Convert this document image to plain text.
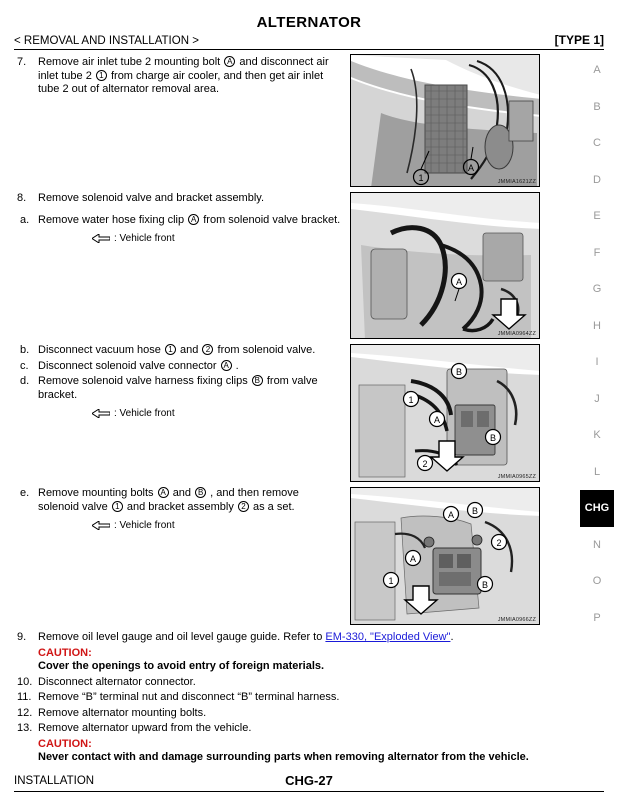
ALTERNATOR
< REMOVAL AND INSTALLATION >	[TYPE 1]
A
B
C
D
E
F
G
H
I
J
K
L
CHG
N
O
P
7.	Remove air inlet tube 2 mounting bolt A and disconnect air inlet tube 2 1 from charge air cooler, and then get air inlet tube 2 out of alternator removal area.
A
1	JMMIA1621ZZ
8.	Remove solenoid valve and bracket assembly.
a. Remove water hose fixing clip A from solenoid valve bracket.
: Vehicle front
A
JMMIA0964ZZ
b. Disconnect vacuum hose 1 and 2 from solenoid valve.
c. Disconnect solenoid valve connector A .
d. Remove solenoid valve harness fixing clips B from valve bracket.
: Vehicle front
B
A
B
1
2
JMMIA0965ZZ
e. Remove mounting bolts A and B , and then remove solenoid valve 1 and bracket assembly 2 as a set.
: Vehicle front
A B
2
A
1	B
JMMIA0966ZZ
9.	Remove oil level gauge and oil level gauge guide. Refer to EM-330, "Exploded View".
CAUTION:
Cover the openings to avoid entry of foreign materials.
10. Disconnect alternator connector.
11. Remove “B” terminal nut and disconnect “B” terminal harness.
12. Remove alternator mounting bolts.
13. Remove alternator upward from the vehicle.
CAUTION:
Never contact with and damage surrounding parts when removing alternator from the vehicle.
INSTALLATION	CHG-27
